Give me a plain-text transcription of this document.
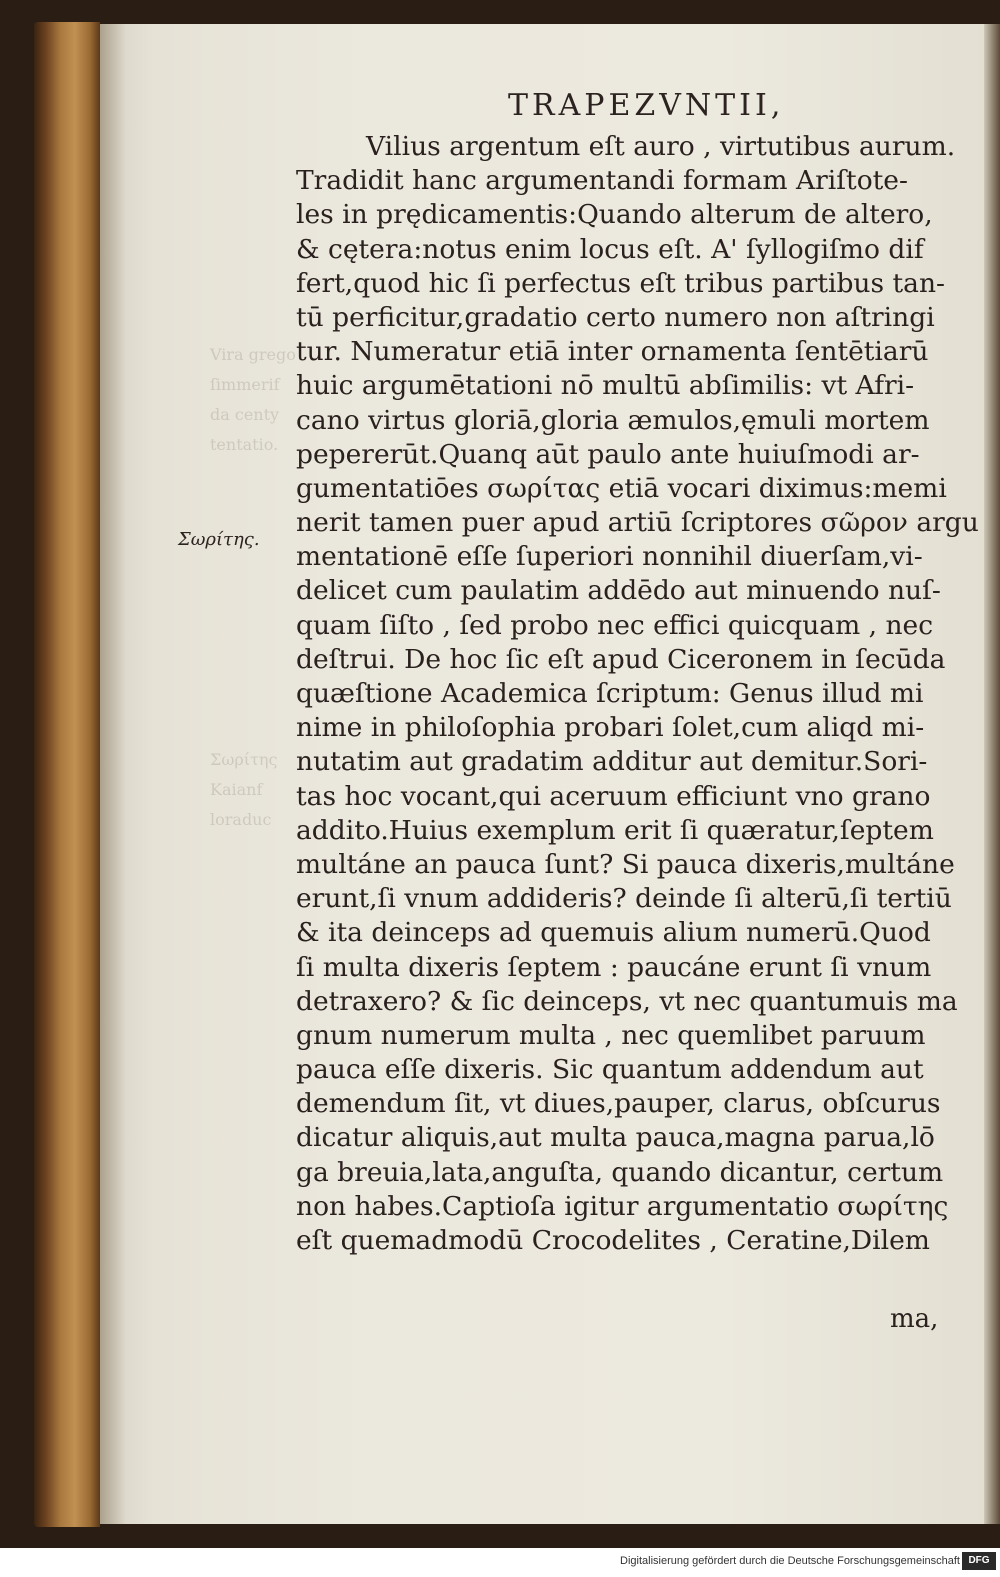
TRAPEZVNTII,
Σωρίτης.
Vira grego
ſimmerif
da centy
tentatio.
Σωρίτης
Kaianf
loraduc
Vilius argentum eſt auro , virtutibus aurum.
Tradidit hanc argumentandi formam Ariſtote-
les in prędicamentis:Quando alterum de altero,
& cętera:notus enim locus eſt. A' ſyllogiſmo dif
fert,quod hic ſi perfectus eſt tribus partibus tan-
tū perficitur,gradatio certo numero non aſtringi
tur. Numeratur etiā inter ornamenta ſentētiarū
huic argumētationi nō multū abſimilis: vt Afri-
cano virtus gloriā,gloria æmulos,ęmuli mortem
pepererūt.Quanq aūt paulo ante huiuſmodi ar-
gumentatiōes σωρίτας etiā vocari diximus:memi
nerit tamen puer apud artiū ſcriptores σῶρον argu
mentationē eſſe ſuperiori nonnihil diuerſam,vi-
delicet cum paulatim addēdo aut minuendo nuſ-
quam ſiſto , ſed probo nec effici quicquam , nec
deſtrui. De hoc ſic eſt apud Ciceronem in ſecūda
quæſtione Academica ſcriptum: Genus illud mi
nime in philoſophia probari ſolet,cum aliqd mi-
nutatim aut gradatim additur aut demitur.Sori-
tas hoc vocant,qui aceruum efficiunt vno grano
addito.Huius exemplum erit ſi quæratur,ſeptem
multáne an pauca ſunt? Si pauca dixeris,multáne
erunt,ſi vnum addideris? deinde ſi alterū,ſi tertiū
& ita deinceps ad quemuis alium numerū.Quod
ſi multa dixeris ſeptem : paucáne erunt ſi vnum
detraxero? & ſic deinceps, vt nec quantumuis ma
gnum numerum multa , nec quemlibet paruum
pauca eſſe dixeris. Sic quantum addendum aut
demendum ſit, vt diues,pauper, clarus, obſcurus
dicatur aliquis,aut multa pauca,magna parua,lō
ga breuia,lata,anguſta, quando dicantur, certum
non habes.Captioſa igitur argumentatio σωρίτης
eſt quemadmodū Crocodelites , Ceratine,Dilem
ma,
Digitalisierung gefördert durch die Deutsche Forschungsgemeinschaft DFG
